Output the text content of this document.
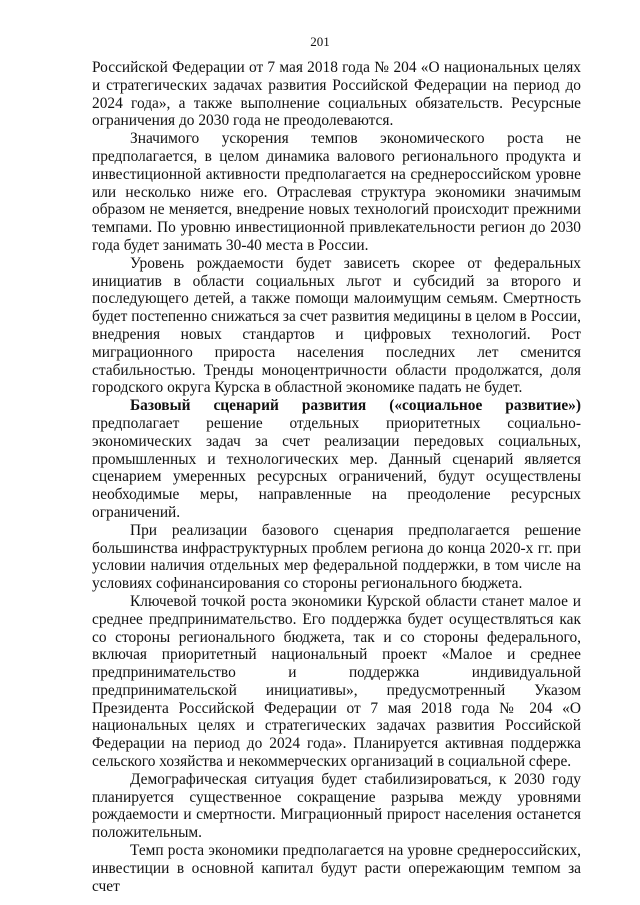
201

Российской Федерации от 7 мая 2018 года № 204 «О национальных целях и стратегических задачах развития Российской Федерации на период до 2024 года», а также выполнение социальных обязательств. Ресурсные ограничения до 2030 года не преодолеваются.

Значимого ускорения темпов экономического роста не предполагается, в целом динамика валового регионального продукта и инвестиционной активности предполагается на среднероссийском уровне или несколько ниже его. Отраслевая структура экономики значимым образом не меняется, внедрение новых технологий происходит прежними темпами. По уровню инвестиционной привлекательности регион до 2030 года будет занимать 30-40 места в России.

Уровень рождаемости будет зависеть скорее от федеральных инициатив в области социальных льгот и субсидий за второго и последующего детей, а также помощи малоимущим семьям. Смертность будет постепенно снижаться за счет развития медицины в целом в России, внедрения новых стандартов и цифровых технологий. Рост миграционного прироста населения последних лет сменится стабильностью. Тренды моноцентричности области продолжатся, доля городского округа Курска в областной экономике падать не будет.

Базовый сценарий развития («социальное развитие») предполагает решение отдельных приоритетных социально-экономических задач за счет реализации передовых социальных, промышленных и технологических мер. Данный сценарий является сценарием умеренных ресурсных ограничений, будут осуществлены необходимые меры, направленные на преодоление ресурсных ограничений.

При реализации базового сценария предполагается решение большинства инфраструктурных проблем региона до конца 2020-х гг. при условии наличия отдельных мер федеральной поддержки, в том числе на условиях софинансирования со стороны регионального бюджета.

Ключевой точкой роста экономики Курской области станет малое и среднее предпринимательство. Его поддержка будет осуществляться как со стороны регионального бюджета, так и со стороны федерального, включая приоритетный национальный проект «Малое и среднее предпринимательство и поддержка индивидуальной предпринимательской инициативы», предусмотренный Указом Президента Российской Федерации от 7 мая 2018 года № 204 «О национальных целях и стратегических задачах развития Российской Федерации на период до 2024 года». Планируется активная поддержка сельского хозяйства и некоммерческих организаций в социальной сфере.

Демографическая ситуация будет стабилизироваться, к 2030 году планируется существенное сокращение разрыва между уровнями рождаемости и смертности. Миграционный прирост населения останется положительным.

Темп роста экономики предполагается на уровне среднероссийских, инвестиции в основной капитал будут расти опережающим темпом за счет
